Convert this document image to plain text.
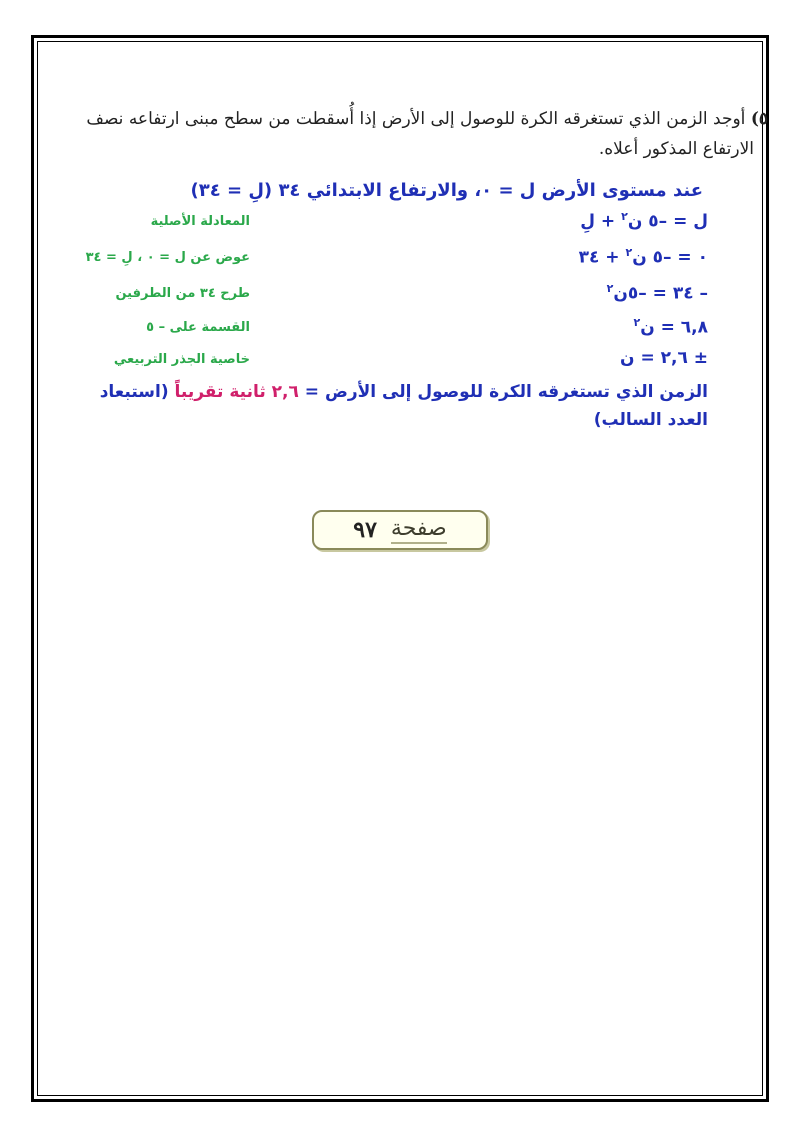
٥) أوجد الزمن الذي تستغرقه الكرة للوصول إلى الأرض إذا أُسقطت من سطح مبنى ارتفاعه نصف
الارتفاع المذكور أعلاه.
عند مستوى الأرض ل = ٠، والارتفاع الابتدائي ٣٤ (لِ = ٣٤)
ل = –٥ ن$^٢$ + لِ
المعادلة الأصلية
٠ = –٥ ن$^٢$ + ٣٤
عوض عن ل = ٠ ، لِ = ٣٤
– ٣٤ = –٥ن$^٢$
طرح ٣٤ من الطرفين
٦,٨ = ن$^٢$
القسمة على – ٥
± ٢,٦ = ن
خاصية الجذر التربيعي
الزمن الذي تستغرقه الكرة للوصول إلى الأرض = ٢,٦ ثانية تقريباً (استبعاد العدد السالب)
صفحة
٩٧
